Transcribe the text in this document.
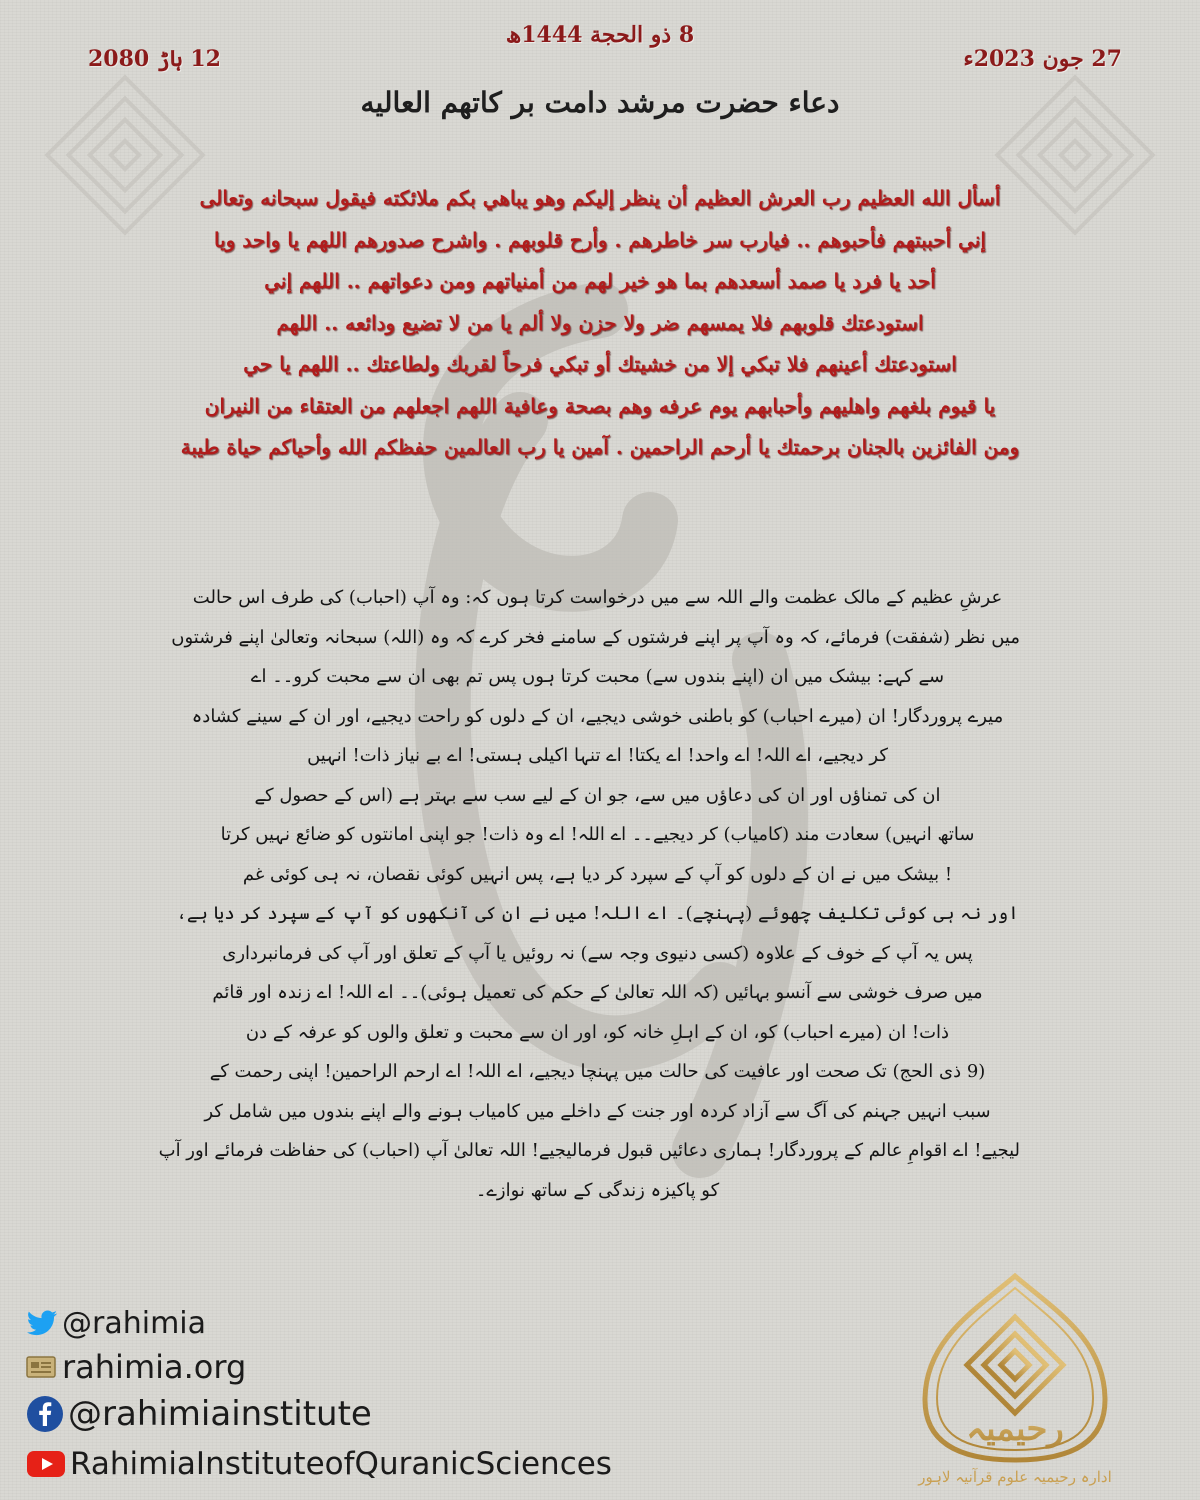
8 ذو الحجة 1444ھ
27 جون 2023ء
12 ہاڑ 2080
دعاء حضرت مرشد دامت بر کاتهم العاليه
أسأل الله العظيم رب العرش العظيم أن ينظر إليكم وهو يباهي بكم ملائكته فيقول سبحانه وتعالى
إني أحببتهم فأحبوهم .. فيارب سر خاطرهم . وأرح قلوبهم . واشرح صدورهم اللهم يا واحد ويا
أحد يا فرد يا صمد أسعدهم بما هو خير لهم من أمنياتهم ومن دعواتهم .. اللهم إني
استودعتك قلوبهم فلا يمسهم ضر ولا حزن ولا ألم يا من لا تضيع ودائعه .. اللهم
استودعتك أعينهم فلا تبكي إلا من خشيتك أو تبكي فرحاً لقربك ولطاعتك .. اللهم يا حي
يا قيوم بلغهم واهليهم وأحبابهم يوم عرفه وهم بصحة وعافية اللهم اجعلهم من العتقاء من النيران
ومن الفائزين بالجنان برحمتك يا أرحم الراحمين . آمين يا رب العالمين حفظكم الله وأحياكم حياة طيبة
عرشِ عظیم کے مالک عظمت والے اللہ سے میں درخواست کرتا ہوں کہ: وہ آپ (احباب) کی طرف اس حالت
میں نظر (شفقت) فرمائے، کہ وہ آپ پر اپنے فرشتوں کے سامنے فخر کرے کہ وہ (اللہ) سبحانہ وتعالیٰ اپنے فرشتوں
سے کہے: بیشک میں ان (اپنے بندوں سے) محبت کرتا ہوں پس تم بھی ان سے محبت کرو۔۔ اے
میرے پروردگار! ان (میرے احباب) کو باطنی خوشی دیجیے، ان کے دلوں کو راحت دیجیے، اور ان کے سینے کشادہ
کر دیجیے، اے اللہ! اے واحد! اے یکتا! اے تنہا اکیلی ہستی! اے بے نیاز ذات! انہیں
ان کی تمناؤں اور ان کی دعاؤں میں سے، جو ان کے لیے سب سے بہتر ہے (اس کے حصول کے
ساتھ انہیں) سعادت مند (کامیاب) کر دیجیے۔۔ اے اللہ! اے وہ ذات! جو اپنی امانتوں کو ضائع نہیں کرتا
! بیشک میں نے ان کے دلوں کو آپ کے سپرد کر دیا ہے، پس انہیں کوئی نقصان، نہ ہی کوئی غم
اور نہ ہی کوئی تکلیف چھوئے (پہنچے)۔ اے اللہ! میں نے ان کی آنکھوں کو آپ کے سپرد کر دیا ہے،
پس یہ آپ کے خوف کے علاوہ (کسی دنیوی وجہ سے) نہ روئیں یا آپ کے تعلق اور آپ کی فرمانبرداری
میں صرف خوشی سے آنسو بہائیں (کہ اللہ تعالیٰ کے حکم کی تعمیل ہوئی)۔۔ اے اللہ! اے زندہ اور قائم
ذات! ان (میرے احباب) کو، ان کے اہلِ خانہ کو، اور ان سے محبت و تعلق والوں کو عرفہ کے دن
(9 ذی الحج) تک صحت اور عافیت کی حالت میں پہنچا دیجیے، اے اللہ! اے ارحم الراحمین! اپنی رحمت کے
سبب انہیں جہنم کی آگ سے آزاد کردہ اور جنت کے داخلے میں کامیاب ہونے والے اپنے بندوں میں شامل کر
لیجیے! اے اقوامِ عالم کے پروردگار! ہماری دعائیں قبول فرمالیجیے! اللہ تعالیٰ آپ (احباب) کی حفاظت فرمائے اور آپ
کو پاکیزہ زندگی کے ساتھ نوازے۔
@rahimia
rahimia.org
@rahimiainstitute
RahimiaInstituteofQuranicSciences
رحیمیہ
ادارہ رحیمیہ علوم قرآنیہ لاہور
